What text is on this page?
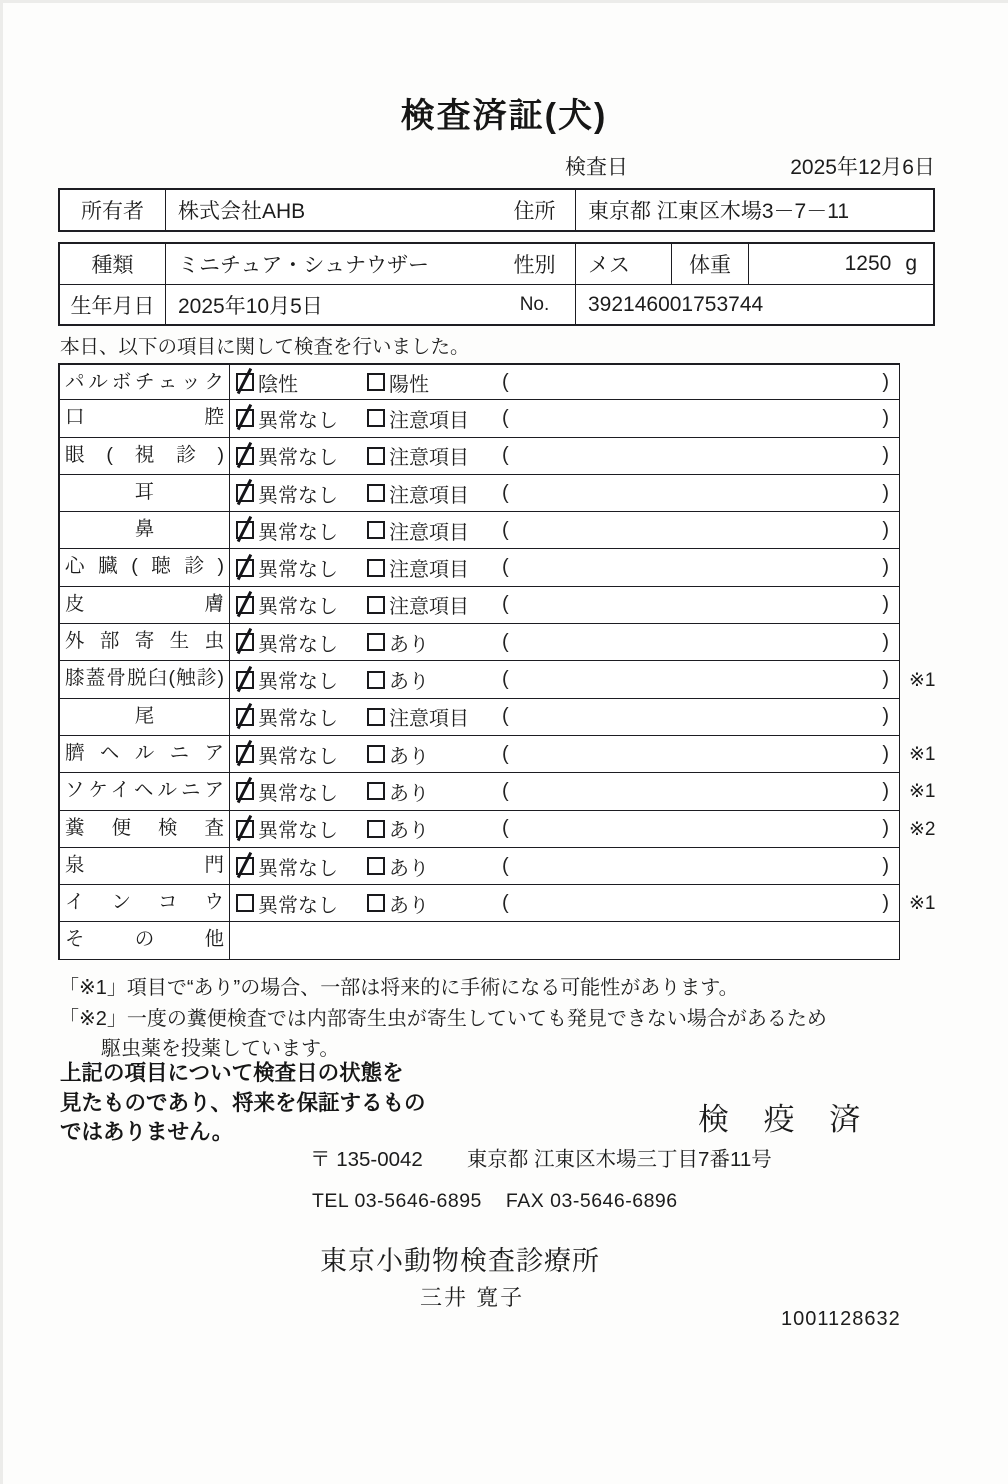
検査済証(犬)
検査日	2025年12月6日
所有者	株式会社AHB	住所	東京都 江東区木場3－7－11
種類	ミニチュア・シュナウザー	性別	メス	体重	1250 g
生年月日	2025年10月5日	No.	392146001753744
本日、以下の項目に関して検査を行いました。
パルボチェック	陰性	陽性	(	)
口腔	異常なし	注意項目 (	)
眼(視診)	異常なし	注意項目 (	)
耳	異常なし	注意項目 (	)
鼻	異常なし	注意項目 (	)
心臓(聴診)	異常なし	注意項目 (	)
皮膚	異常なし	注意項目 (	)
外部寄生虫	異常なし	あり	(	)
膝蓋骨脱臼(触診)	異常なし	あり	(	)	※1
尾	異常なし	注意項目 (	)
臍ヘルニア	異常なし	あり	(	)	※1
ソケイヘルニア	異常なし	あり	(	)	※1
糞便検査	異常なし	あり	(	)	※2
泉門	異常なし	あり	(	)
インコウ	異常なし	あり	(	)	※1
その他
「※1」項目で“あり”の場合、一部は将来的に手術になる可能性があります。
「※2」一度の糞便検査では内部寄生虫が寄生していても発見できない場合があるため
駆虫薬を投薬しています。
上記の項目について検査日の状態を
見たものであり、将来を保証するもの
ではありません。	検 疫 済
〒 135-0042 東京都 江東区木場三丁目7番11号
TEL 03-5646-6895 FAX 03-5646-6896
東京小動物検査診療所
三井 寛子
1001128632
